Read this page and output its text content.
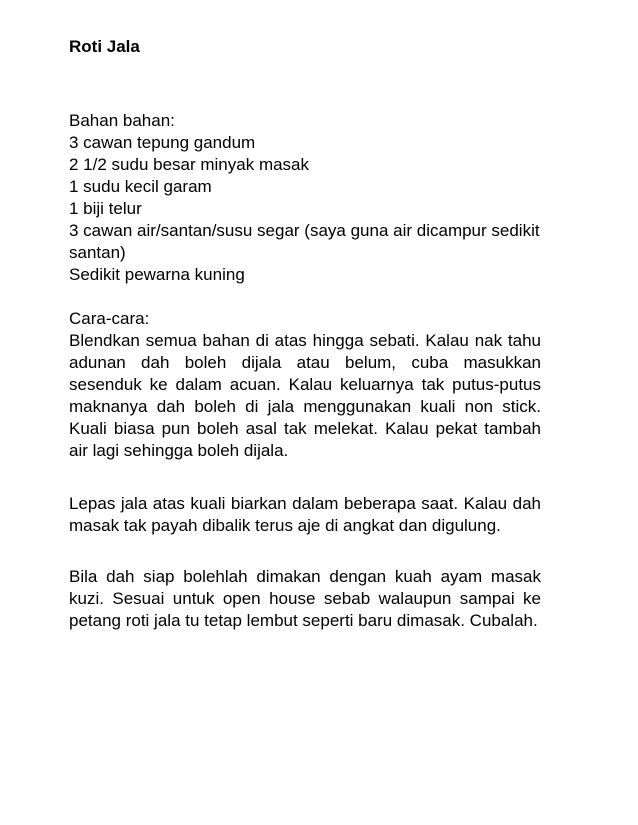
Roti Jala

Bahan bahan:

3 cawan tepung gandum
2 1/2 sudu besar minyak masak
1 sudu kecil garam
1 biji telur
3 cawan air/santan/susu segar (saya guna air dicampur sedikit santan)
Sedikit pewarna kuning

Cara-cara:

Blendkan semua bahan di atas hingga sebati. Kalau nak tahu adunan dah boleh dijala atau belum, cuba masukkan sesenduk ke dalam acuan. Kalau keluarnya tak putus-putus maknanya dah boleh di jala menggunakan kuali non stick. Kuali biasa pun boleh asal tak melekat. Kalau pekat tambah air lagi sehingga boleh dijala.

Lepas jala atas kuali biarkan dalam beberapa saat. Kalau dah masak tak payah dibalik terus aje di angkat dan digulung.

Bila dah siap bolehlah dimakan dengan kuah ayam masak kuzi. Sesuai untuk open house sebab walaupun sampai ke petang roti jala tu tetap lembut seperti baru dimasak. Cubalah.
